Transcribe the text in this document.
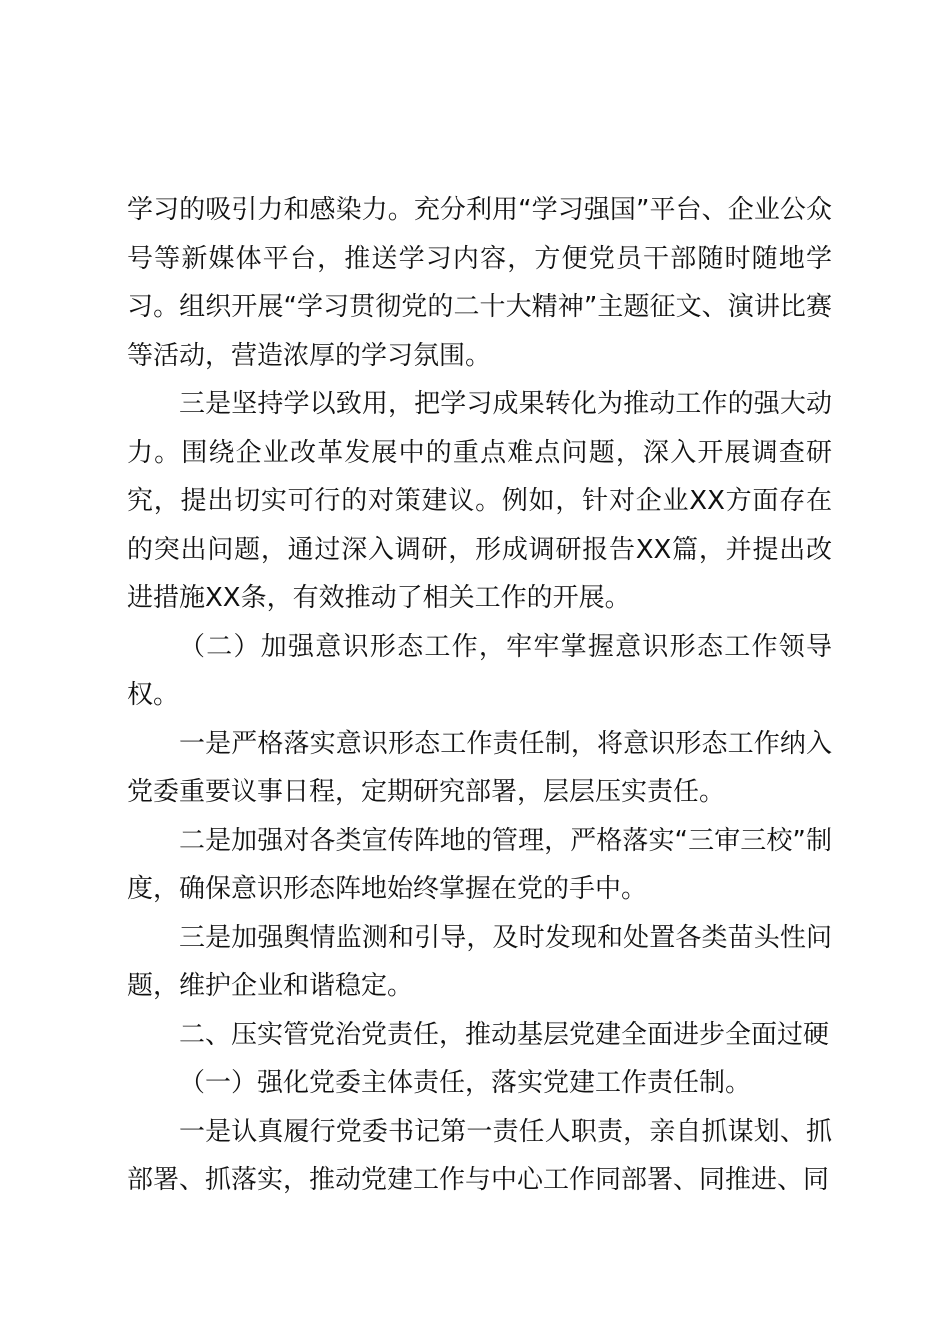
学习的吸引力和感染力。充分利用“学习强国”平台、企业公众号等新媒体平台，推送学习内容，方便党员干部随时随地学习。组织开展“学习贯彻党的二十大精神”主题征文、演讲比赛等活动，营造浓厚的学习氛围。

三是坚持学以致用，把学习成果转化为推动工作的强大动力。围绕企业改革发展中的重点难点问题，深入开展调查研究，提出切实可行的对策建议。例如，针对企业XX方面存在的突出问题，通过深入调研，形成调研报告XX篇，并提出改进措施XX条，有效推动了相关工作的开展。

（二）加强意识形态工作，牢牢掌握意识形态工作领导权。

一是严格落实意识形态工作责任制，将意识形态工作纳入党委重要议事日程，定期研究部署，层层压实责任。

二是加强对各类宣传阵地的管理，严格落实“三审三校”制度，确保意识形态阵地始终掌握在党的手中。

三是加强舆情监测和引导，及时发现和处置各类苗头性问题，维护企业和谐稳定。

二、压实管党治党责任，推动基层党建全面进步全面过硬

（一）强化党委主体责任，落实党建工作责任制。

一是认真履行党委书记第一责任人职责，亲自抓谋划、抓部署、抓落实，推动党建工作与中心工作同部署、同推进、同
